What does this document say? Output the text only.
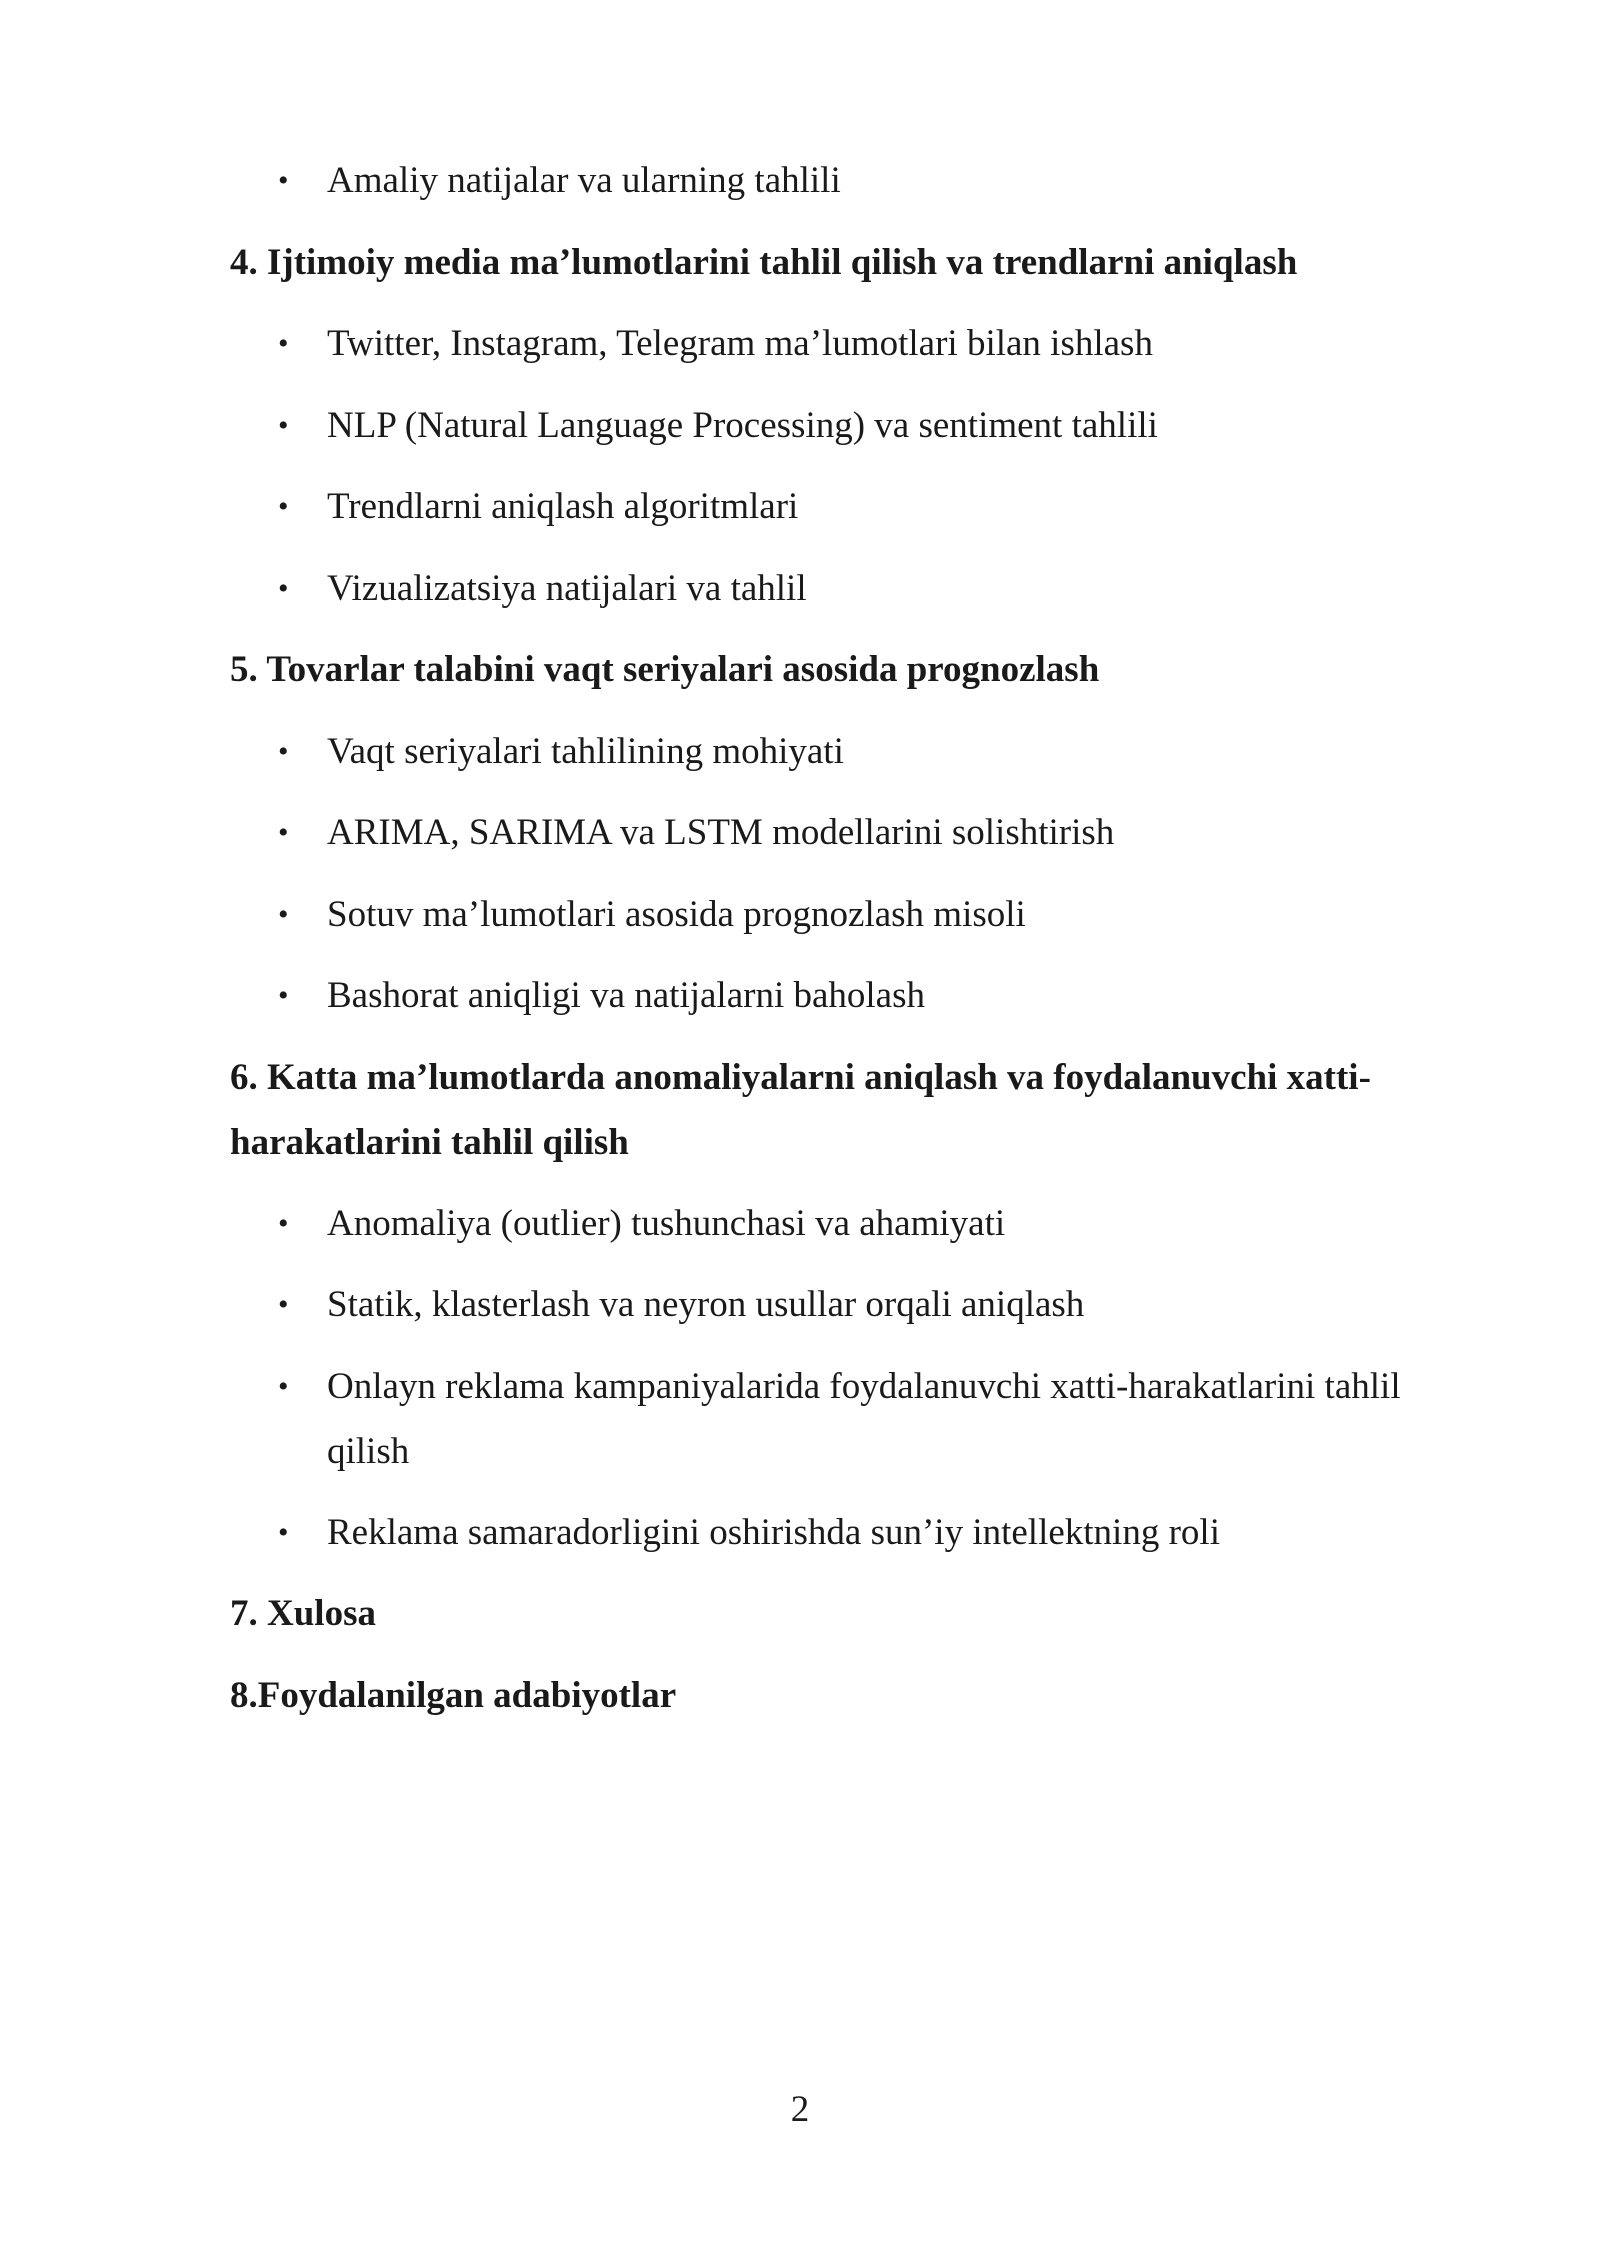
• Amaliy natijalar va ularning tahlili

4. Ijtimoiy media ma’lumotlarini tahlil qilish va trendlarni aniqlash

• Twitter, Instagram, Telegram ma’lumotlari bilan ishlash

• NLP (Natural Language Processing) va sentiment tahlili

• Trendlarni aniqlash algoritmlari

• Vizualizatsiya natijalari va tahlil

5. Tovarlar talabini vaqt seriyalari asosida prognozlash

• Vaqt seriyalari tahlilining mohiyati

• ARIMA, SARIMA va LSTM modellarini solishtirish

• Sotuv ma’lumotlari asosida prognozlash misoli

• Bashorat aniqligi va natijalarni baholash

6. Katta ma’lumotlarda anomaliyalarni aniqlash va foydalanuvchi xatti-harakatlarini tahlil qilish

• Anomaliya (outlier) tushunchasi va ahamiyati

• Statik, klasterlash va neyron usullar orqali aniqlash

• Onlayn reklama kampaniyalarida foydalanuvchi xatti-harakatlarini tahlil qilish

• Reklama samaradorligini oshirishda sun’iy intellektning roli

7. Xulosa

8.Foydalanilgan adabiyotlar

2
